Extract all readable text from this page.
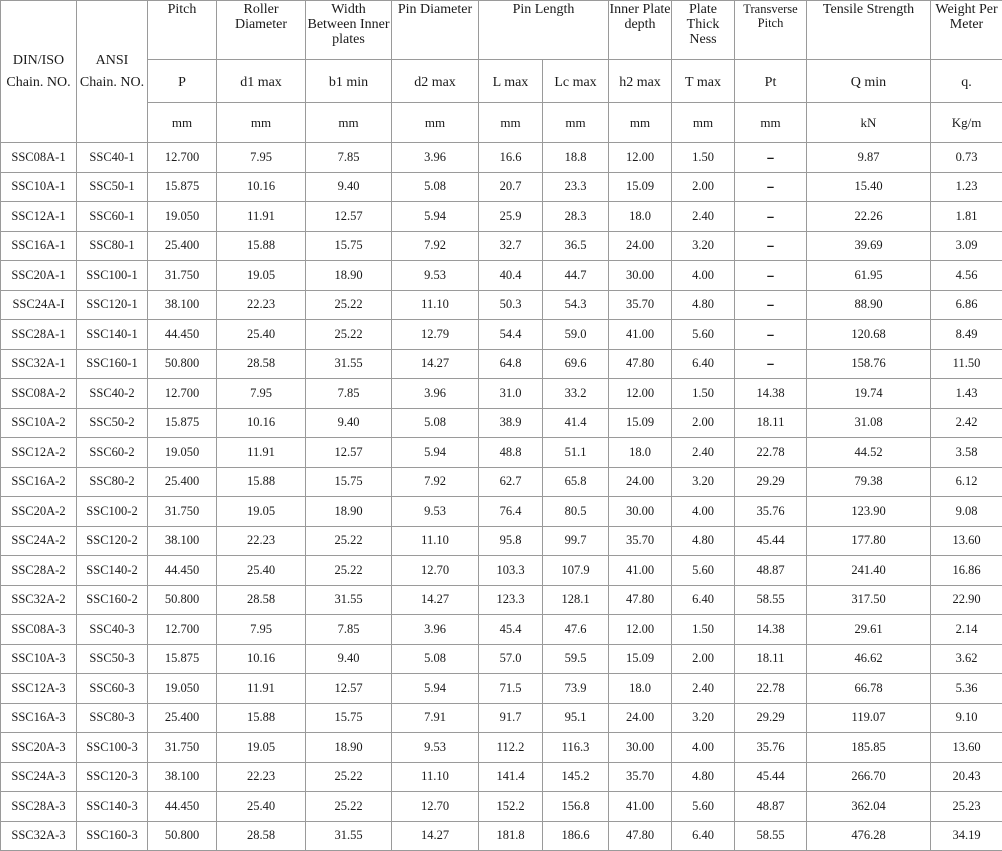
DIN/ISO Chain. NO.	ANSI Chain. NO.	Pitch	Roller Diameter	Width Between Inner plates	Pin Diameter	Pin Length		Inner Plate depth	Plate Thick Ness	Transverse Pitch	Tensile Strength	Weight Per Meter
		P	d1 max	b1 min	d2 max	L max	Lc max	h2 max	T max	Pt	Q min	q.
		mm	mm	mm	mm	mm	mm	mm	mm	mm	kN	Kg/m
SSC08A-1	SSC40-1	12.700	7.95	7.85	3.96	16.6	18.8	12.00	1.50	–	9.87	0.73
SSC10A-1	SSC50-1	15.875	10.16	9.40	5.08	20.7	23.3	15.09	2.00	–	15.40	1.23
SSC12A-1	SSC60-1	19.050	11.91	12.57	5.94	25.9	28.3	18.0	2.40	–	22.26	1.81
SSC16A-1	SSC80-1	25.400	15.88	15.75	7.92	32.7	36.5	24.00	3.20	–	39.69	3.09
SSC20A-1	SSC100-1	31.750	19.05	18.90	9.53	40.4	44.7	30.00	4.00	–	61.95	4.56
SSC24A-I	SSC120-1	38.100	22.23	25.22	11.10	50.3	54.3	35.70	4.80	–	88.90	6.86
SSC28A-1	SSC140-1	44.450	25.40	25.22	12.79	54.4	59.0	41.00	5.60	–	120.68	8.49
SSC32A-1	SSC160-1	50.800	28.58	31.55	14.27	64.8	69.6	47.80	6.40	–	158.76	11.50
SSC08A-2	SSC40-2	12.700	7.95	7.85	3.96	31.0	33.2	12.00	1.50	14.38	19.74	1.43
SSC10A-2	SSC50-2	15.875	10.16	9.40	5.08	38.9	41.4	15.09	2.00	18.11	31.08	2.42
SSC12A-2	SSC60-2	19.050	11.91	12.57	5.94	48.8	51.1	18.0	2.40	22.78	44.52	3.58
SSC16A-2	SSC80-2	25.400	15.88	15.75	7.92	62.7	65.8	24.00	3.20	29.29	79.38	6.12
SSC20A-2	SSC100-2	31.750	19.05	18.90	9.53	76.4	80.5	30.00	4.00	35.76	123.90	9.08
SSC24A-2	SSC120-2	38.100	22.23	25.22	11.10	95.8	99.7	35.70	4.80	45.44	177.80	13.60
SSC28A-2	SSC140-2	44.450	25.40	25.22	12.70	103.3	107.9	41.00	5.60	48.87	241.40	16.86
SSC32A-2	SSC160-2	50.800	28.58	31.55	14.27	123.3	128.1	47.80	6.40	58.55	317.50	22.90
SSC08A-3	SSC40-3	12.700	7.95	7.85	3.96	45.4	47.6	12.00	1.50	14.38	29.61	2.14
SSC10A-3	SSC50-3	15.875	10.16	9.40	5.08	57.0	59.5	15.09	2.00	18.11	46.62	3.62
SSC12A-3	SSC60-3	19.050	11.91	12.57	5.94	71.5	73.9	18.0	2.40	22.78	66.78	5.36
SSC16A-3	SSC80-3	25.400	15.88	15.75	7.91	91.7	95.1	24.00	3.20	29.29	119.07	9.10
SSC20A-3	SSC100-3	31.750	19.05	18.90	9.53	112.2	116.3	30.00	4.00	35.76	185.85	13.60
SSC24A-3	SSC120-3	38.100	22.23	25.22	11.10	141.4	145.2	35.70	4.80	45.44	266.70	20.43
SSC28A-3	SSC140-3	44.450	25.40	25.22	12.70	152.2	156.8	41.00	5.60	48.87	362.04	25.23
SSC32A-3	SSC160-3	50.800	28.58	31.55	14.27	181.8	186.6	47.80	6.40	58.55	476.28	34.19
